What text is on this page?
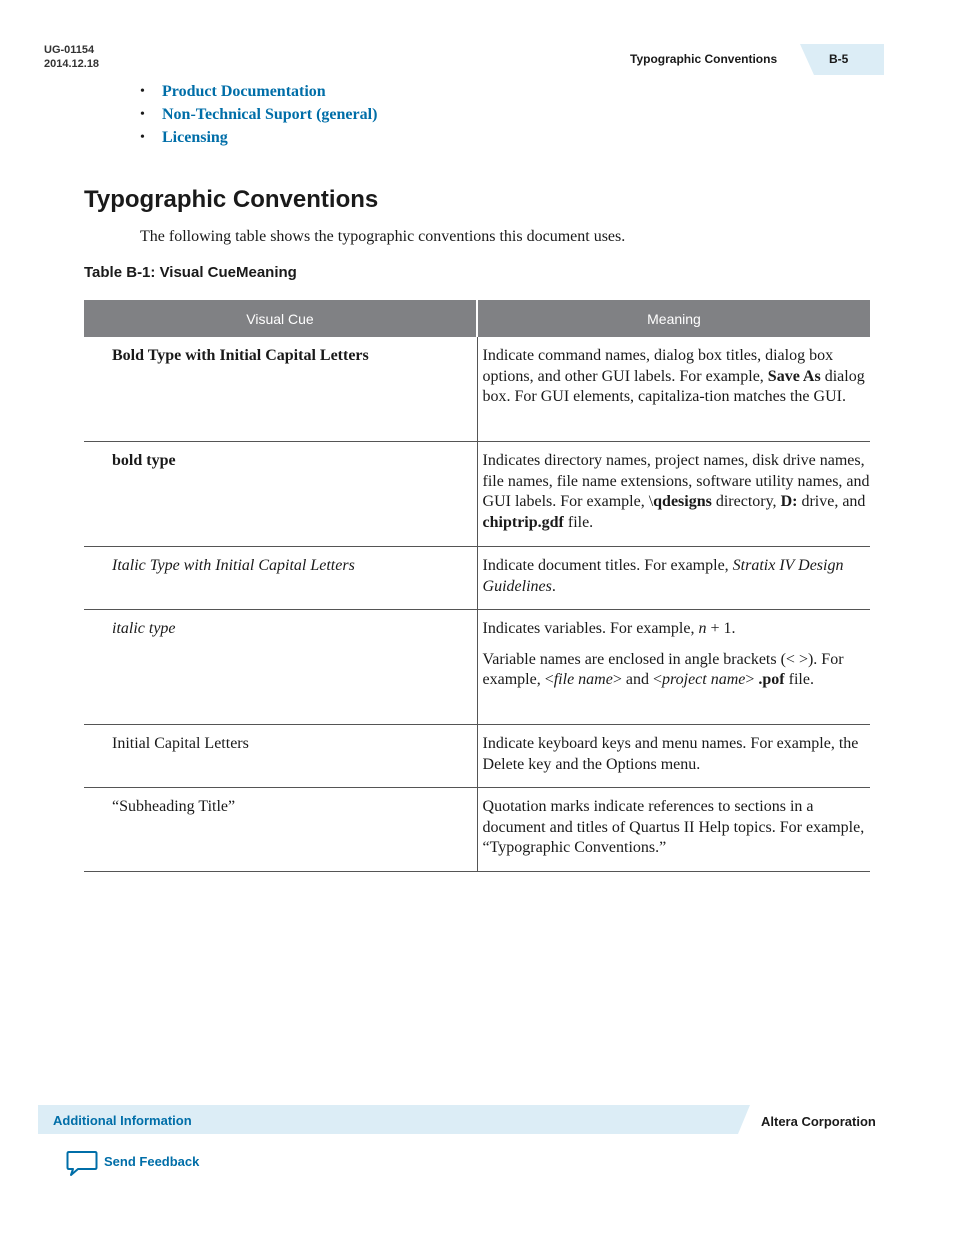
UG-01154
2014.12.18	Typographic Conventions	B-5
• Product Documentation
• Non-Technical Suport (general)
• Licensing
Typographic Conventions
The following table shows the typographic conventions this document uses.
Table B-1: Visual CueMeaning
Visual Cue	Meaning
Bold Type with Initial Capital Letters	Indicate command names, dialog box titles, dialog box options, and other GUI labels. For example, Save As dialog box. For GUI elements, capitaliza-tion matches the GUI.

bold type	Indicates directory names, project names, disk drive names, file names, file name extensions, software utility names, and GUI labels. For example, \qdesigns directory, D: drive, and chiptrip.gdf file.

Italic Type with Initial Capital Letters	Indicate document titles. For example, Stratix IV Design Guidelines.

italic type	Indicates variables. For example, n + 1.

Variable names are enclosed in angle brackets (< >). For example, <file name> and <project name> .pof file.

Initial Capital Letters	Indicate keyboard keys and menu names. For example, the Delete key and the Options menu.

“Subheading Title”	Quotation marks indicate references to sections in a document and titles of Quartus II Help topics. For example, “Typographic Conventions.”

Additional Information	Altera Corporation
Send Feedback
